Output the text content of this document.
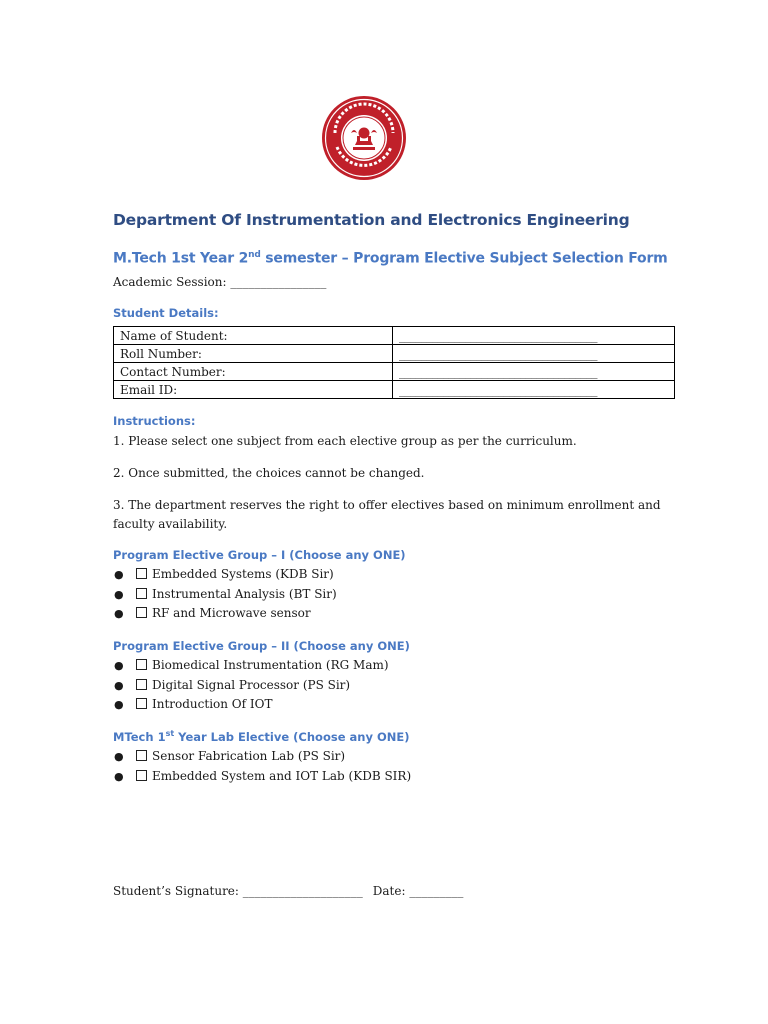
Department Of Instrumentation and Electronics Engineering
M.Tech 1st Year 2nd semester – Program Elective Subject Selection Form
Academic Session: ________________
Student Details:
Name of Student:	____________________________________
Roll Number:	____________________________________
Contact Number:	____________________________________
Email ID:	____________________________________
Instructions:
1. Please select one subject from each elective group as per the curriculum.
2. Once submitted, the choices cannot be changed.
3. The department reserves the right to offer electives based on minimum enrollment and faculty availability.
Program Elective Group – I (Choose any ONE)
● Embedded Systems (KDB Sir)
● Instrumental Analysis (BT Sir)
● RF and Microwave sensor
Program Elective Group – II (Choose any ONE)
● Biomedical Instrumentation (RG Mam)
● Digital Signal Processor (PS Sir)
● Introduction Of IOT
MTech 1st Year Lab Elective (Choose any ONE)
● Sensor Fabrication Lab (PS Sir)
● Embedded System and IOT Lab (KDB SIR)
Student’s Signature: ____________________ Date: _________
